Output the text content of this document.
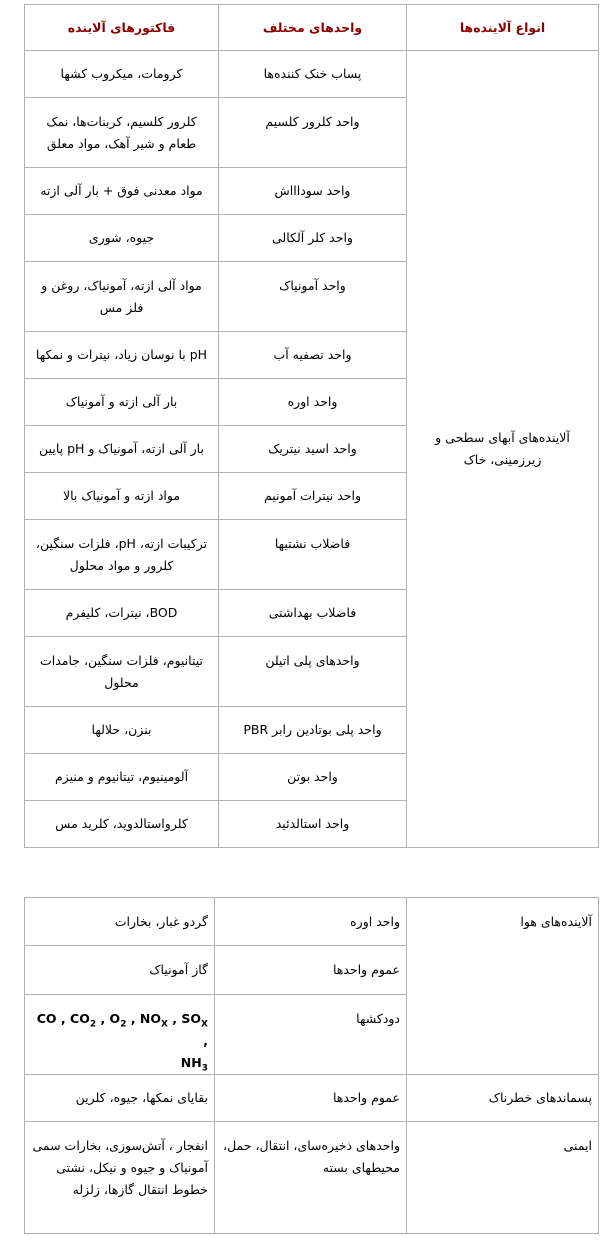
انواع آلاینده‌ها	واحدهای مختلف	فاکتورهای آلاینده
آلاینده‌های آبهای سطحی و زیرزمینی، خاک	پساب خنک کننده‌ها	کرومات، میکروب کشها
	واحد کلرور کلسیم	کلرور کلسیم، کربنات‌ها، نمک طعام و شیر آهک، مواد معلق
	واحد سوداااش	مواد معدنی فوق + بار آلی ازته
	واحد کلر آلکالی	جیوه، شوری
	واحد آمونیاک	مواد آلی ازته، آمونیاک، روغن و فلز مس
	واحد تصفیه آب	pH با نوسان زیاد، نیترات و نمکها
	واحد اوره	بار آلی ازته و آمونیاک
	واحد اسید نیتریک	بار آلی ازته، آمونیاک و pH پایین
	واحد نیترات آمونیم	مواد ازته و آمونیاک بالا
	فاضلاب نشتیها	ترکیبات ازته، pH، فلزات سنگین، کلرور و مواد محلول
	فاضلاب بهداشتی	BOD، نیترات، کلیفرم
	واحدهای پلی اتیلن	تیتانیوم، فلزات سنگین، جامدات محلول
	واحد پلی بوتادین رابر PBR	بنزن، حلالها
	واحد بوتن	آلومینیوم، تیتانیوم و منیزم
	واحد استالدئید	کلرواستالدوید، کلرید مس
آلاینده‌های هوا	واحد اوره	گردو غبار، بخارات
	عموم واحدها	گاز آمونیاک
	دودکشها	CO , $CO_2$ , $O_2$ , $NO_X$ , $SO_X$ ,
$NH_3$

پسماندهای خطرناک	عموم واحدها	بقایای نمکها، جیوه، کلرین
ایمنی	واحدهای ذخیره‌سای، انتقال، حمل، محیطهای بسته	انفجار ، آتش‌سوزی، بخارات سمی آمونیاک و جیوه و نیکل، نشتی خطوط انتقال گازها، زلزله
